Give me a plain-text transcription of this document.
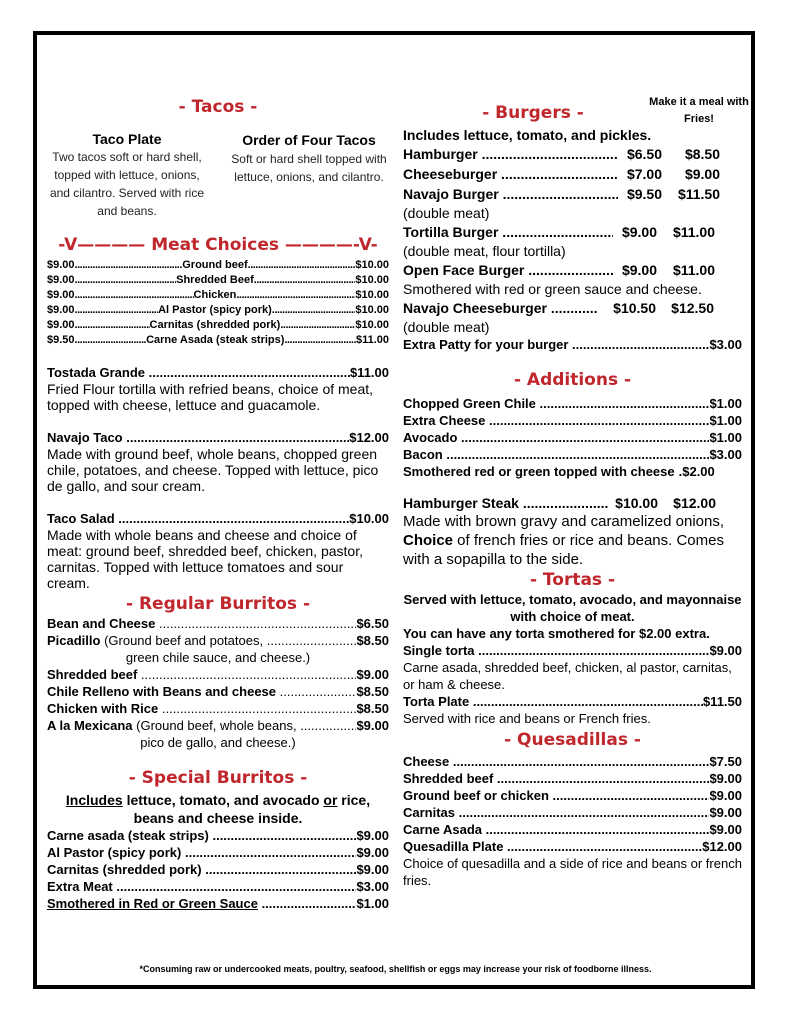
- Tacos -
Taco Plate
Two tacos soft or hard shell, topped with lettuce, onions, and cilantro. Served with rice and beans.
Order of Four Tacos
Soft or hard shell topped with lettuce, onions, and cilantro.
-V———— Meat Choices ————-V-
$9.00 .....	Ground beef .....	$10.00
$9.00 .....	Shredded Beef .....	$10.00
$9.00 .....	Chicken .....	$10.00
$9.00 .....	Al Pastor (spicy pork) .....	$10.00
$9.00 .....	Carnitas (shredded pork) .....	$10.00
$9.50 .....	Carne Asada (steak strips) .....	$11.00
Tostada Grande .....	$11.00
Fried Flour tortilla with refried beans, choice of meat, topped with cheese, lettuce and guacamole.
Navajo Taco .....	$12.00
Made with ground beef, whole beans, chopped green chile, potatoes, and cheese. Topped with lettuce, pico de gallo, and sour cream.
Taco Salad .....	$10.00
Made with whole beans and cheese and choice of meat: ground beef, shredded beef, chicken, pastor, carnitas. Topped with lettuce tomatoes and sour cream.
- Regular Burritos -
Bean and Cheese .....	$6.50
Picadillo (Ground beef and potatoes, .....	$8.50
green chile sauce, and cheese.)
Shredded beef .....	$9.00
Chile Relleno with Beans and cheese .....	$8.50
Chicken with Rice .....	$8.50
A la Mexicana (Ground beef, whole beans, .....	$9.00
pico de gallo, and cheese.)
- Special Burritos -
Includes lettuce, tomato, and avocado or rice, beans and cheese inside.
Carne asada (steak strips) .....	$9.00
Al Pastor (spicy pork) .....	$9.00
Carnitas (shredded pork) .....	$9.00
Extra Meat .....	$3.00
Smothered in Red or Green Sauce .....	$1.00
- Burgers -
Make it a meal with Fries!
Includes lettuce, tomato, and pickles.
Hamburger .....	$6.50	$8.50
Cheeseburger .....	$7.00	$9.00
Navajo Burger .....	$9.50	$11.50
(double meat)
Tortilla Burger .....	$9.00	$11.00
(double meat, flour tortilla)
Open Face Burger .....	$9.00	$11.00
Smothered with red or green sauce and cheese.
Navajo Cheeseburger .....	$10.50	$12.50
(double meat)
Extra Patty for your burger .....	$3.00
- Additions -
Chopped Green Chile .....	$1.00
Extra Cheese .....	$1.00
Avocado .....	$1.00
Bacon .....	$3.00
Smothered red or green topped with cheese .$2.00
Hamburger Steak .....	$10.00	$12.00
Made with brown gravy and caramelized onions, Choice of french fries or rice and beans. Comes with a sopapilla to the side.
- Tortas -
Served with lettuce, tomato, avocado, and mayonnaise with choice of meat.
You can have any torta smothered for $2.00 extra.
Single torta .....	$9.00
Carne asada, shredded beef, chicken, al pastor, carnitas, or ham & cheese.
Torta Plate .....	$11.50
Served with rice and beans or French fries.
- Quesadillas -
Cheese .....	$7.50
Shredded beef .....	$9.00
Ground beef or chicken .....	$9.00
Carnitas .....	$9.00
Carne Asada .....	$9.00
Quesadilla Plate .....	$12.00
Choice of quesadilla and a side of rice and beans or french fries.
*Consuming raw or undercooked meats, poultry, seafood, shellfish or eggs may increase your risk of foodborne illness.
